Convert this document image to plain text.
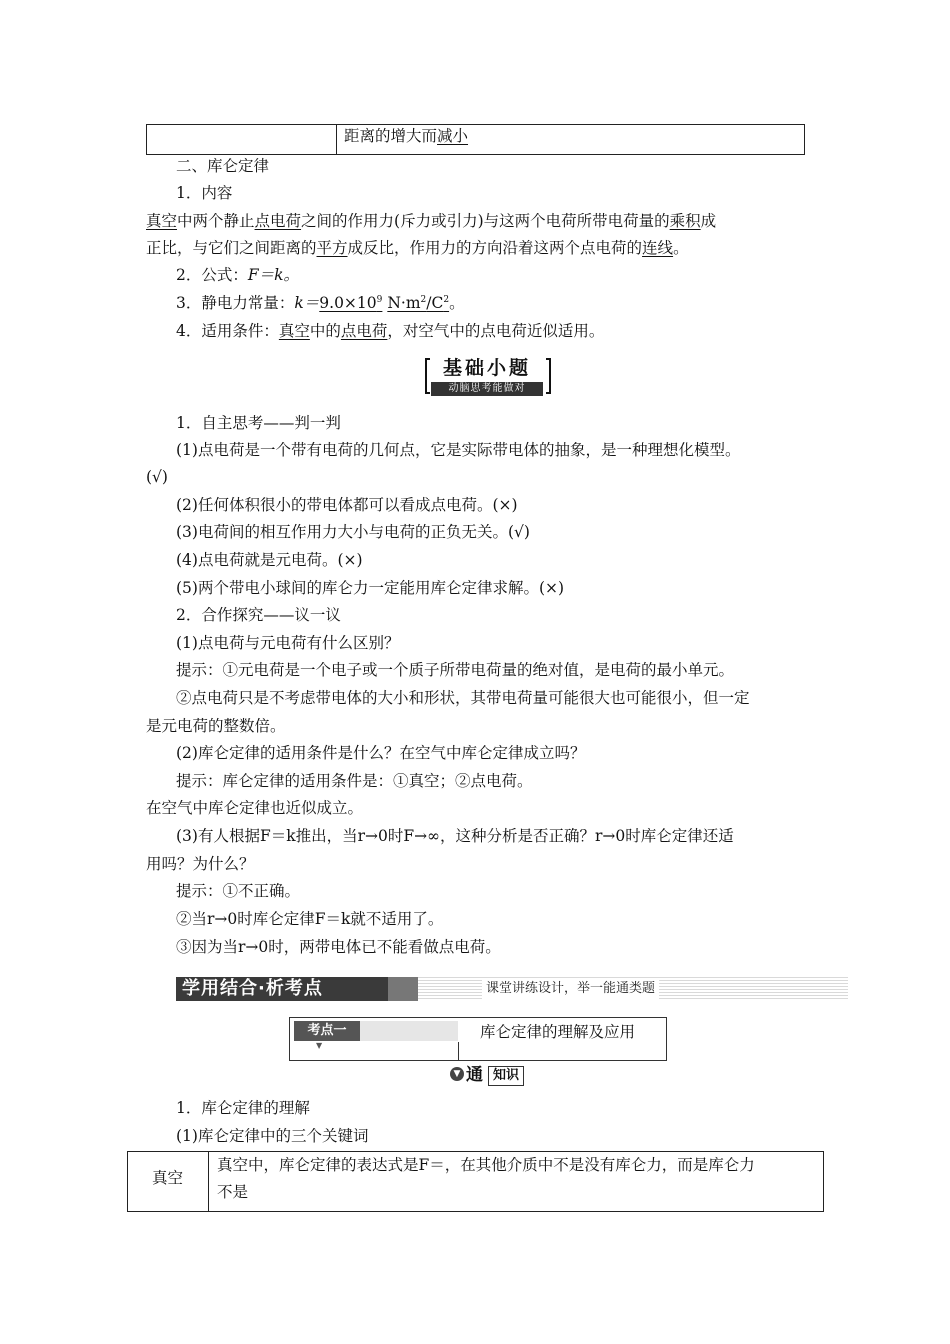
距离的增大而减小
二、库仑定律
1．内容
真空中两个静止点电荷之间的作用力(斥力或引力)与这两个电荷所带电荷量的乘积成
正比，与它们之间距离的平方成反比，作用力的方向沿着这两个点电荷的连线。
2．公式：F＝k。
3．静电力常量：$k=9.0\times 10^9$ $N\cdot m^2/C^2$。
4．适用条件：真空中的点电荷，对空气中的点电荷近似适用。
基础小题
动脑思考能做对
1．自主思考——判一判
(1)点电荷是一个带有电荷的几何点，它是实际带电体的抽象，是一种理想化模型。
(√)
(2)任何体积很小的带电体都可以看成点电荷。(×)
(3)电荷间的相互作用力大小与电荷的正负无关。(√)
(4)点电荷就是元电荷。(×)
(5)两个带电小球间的库仑力一定能用库仑定律求解。(×)
2．合作探究——议一议
(1)点电荷与元电荷有什么区别？
提示：①元电荷是一个电子或一个质子所带电荷量的绝对值，是电荷的最小单元。
②点电荷只是不考虑带电体的大小和形状，其带电荷量可能很大也可能很小，但一定
是元电荷的整数倍。
(2)库仑定律的适用条件是什么？在空气中库仑定律成立吗？
提示：库仑定律的适用条件是：①真空；②点电荷。
在空气中库仑定律也近似成立。
(3)有人根据F＝k推出，当r→0时F→∞，这种分析是否正确？r→0时库仑定律还适
用吗？为什么？
提示：①不正确。
②当r→0时库仑定律F＝k就不适用了。
③因为当r→0时，两带电体已不能看做点电荷。
学用结合·析考点	课堂讲练设计，举一能通类题
考点一
▼
库仑定律的理解及应用
▼ 通 知识
1．库仑定律的理解
(1)库仑定律中的三个关键词
真空
真空中，库仑定律的表达式是F＝，在其他介质中不是没有库仑力，而是库仑力
不是
